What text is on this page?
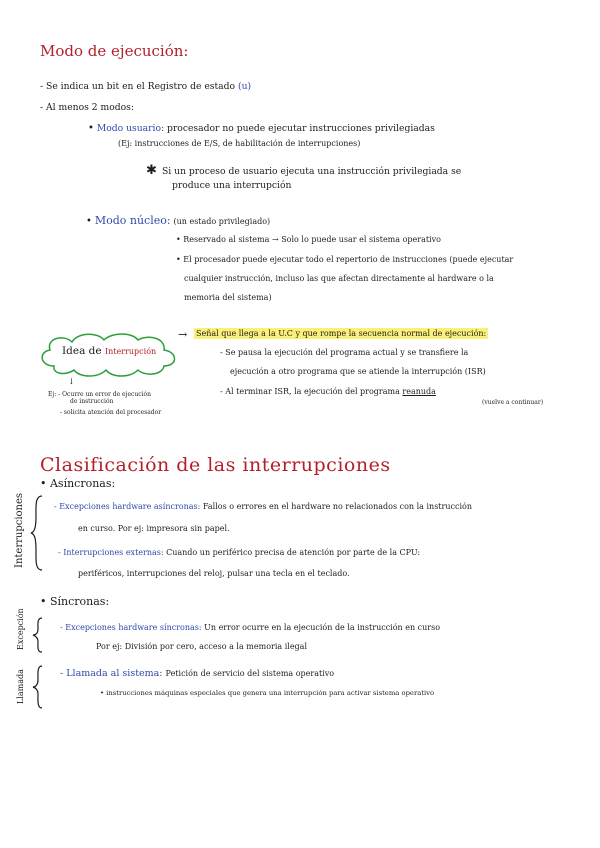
Modo de ejecución:
- Se indica un bit en el Registro de estado (u)
- Al menos 2 modos:
• Modo usuario: procesador no puede ejecutar instrucciones privilegiadas
(Ej: instrucciones de E/S, de habilitación de interrupciones)
✱ Si un proceso de usuario ejecuta una instrucción privilegiada se
produce una interrupción
• Modo núcleo: (un estado privilegiado)
• Reservado al sistema → Solo lo puede usar el sistema operativo
• El procesador puede ejecutar todo el repertorio de instrucciones (puede ejecutar
cualquier instrucción, incluso las que afectan directamente al hardware o la
memoria del sistema)
Idea de Interrupción
→ Señal que llega a la U.C y que rompe la secuencia normal de ejecución:
- Se pausa la ejecución del programa actual y se transfiere la
ejecución a otro programa que se atiende la interrupción (ISR)
- Al terminar ISR, la ejecución del programa reanuda
(vuelve a continuar)
↓
Ej: - Ocurre un error de ejecución
de instrucción
- solicita atención del procesador
Clasificación de las interrupciones
Interrupciones
• Asíncronas:
- Excepciones hardware asíncronas: Fallos o errores en el hardware no relacionados con la instrucción
en curso. Por ej: impresora sin papel.
- Interrupciones externas: Cuando un periférico precisa de atención por parte de la CPU:
periféricos, interrupciones del reloj, pulsar una tecla en el teclado.
• Síncronas:
Excepción	- Excepciones hardware síncronas: Un error ocurre en la ejecución de la instrucción en curso
Por ej: División por cero, acceso a la memoria ilegal
Llamada	- Llamada al sistema: Petición de servicio del sistema operativo
• instrucciones máquinas especiales que genera una interrupción para activar sistema operativo
